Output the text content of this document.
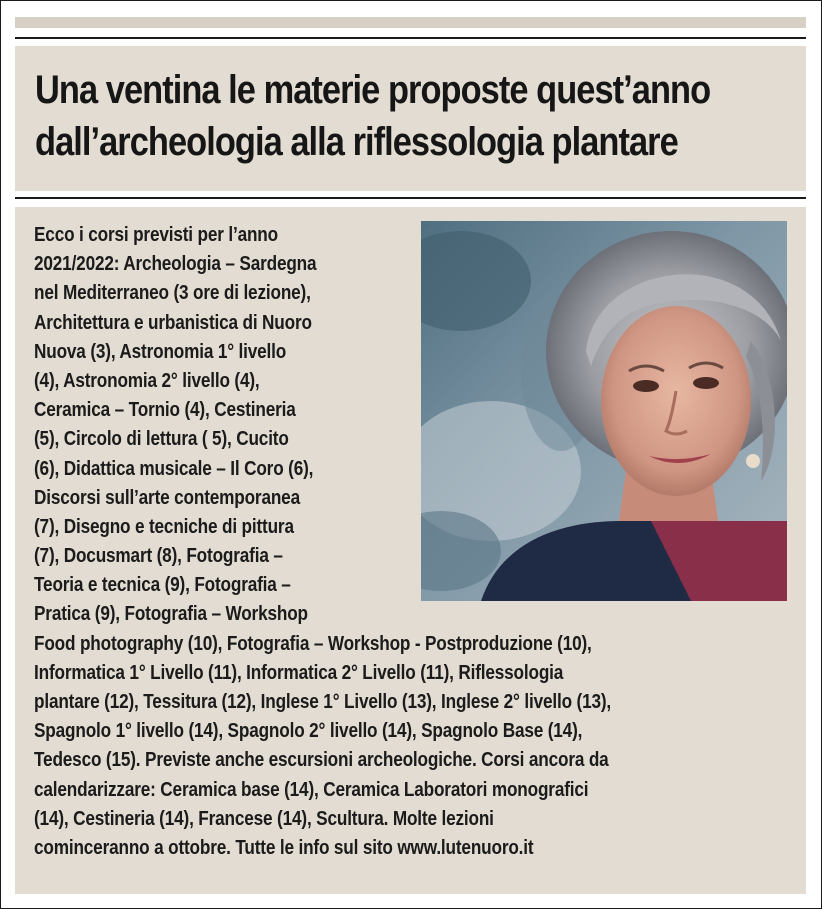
Una ventina le materie proposte quest’anno
dall’archeologia alla riflessologia plantare
Ecco i corsi previsti per l’anno
2021/2022: Archeologia – Sardegna
nel Mediterraneo (3 ore di lezione),
Architettura e urbanistica di Nuoro
Nuova (3), Astronomia 1° livello
(4), Astronomia 2° livello (4),
Ceramica – Tornio (4), Cestineria
(5), Circolo di lettura ( 5), Cucito
(6), Didattica musicale – Il Coro (6),
Discorsi sull’arte contemporanea
(7), Disegno e tecniche di pittura
(7), Docusmart (8), Fotografia –
Teoria e tecnica (9), Fotografia –
Pratica (9), Fotografia – Workshop
Food photography (10), Fotografia – Workshop - Postproduzione (10),
Informatica 1° Livello (11), Informatica 2° Livello (11), Riflessologia
plantare (12), Tessitura (12), Inglese 1° Livello (13), Inglese 2° livello (13),
Spagnolo 1° livello (14), Spagnolo 2° livello (14), Spagnolo Base (14),
Tedesco (15). Previste anche escursioni archeologiche. Corsi ancora da
calendarizzare: Ceramica base (14), Ceramica Laboratori monografici
(14), Cestineria (14), Francese (14), Scultura. Molte lezioni
cominceranno a ottobre. Tutte le info sul sito www.lutenuoro.it
